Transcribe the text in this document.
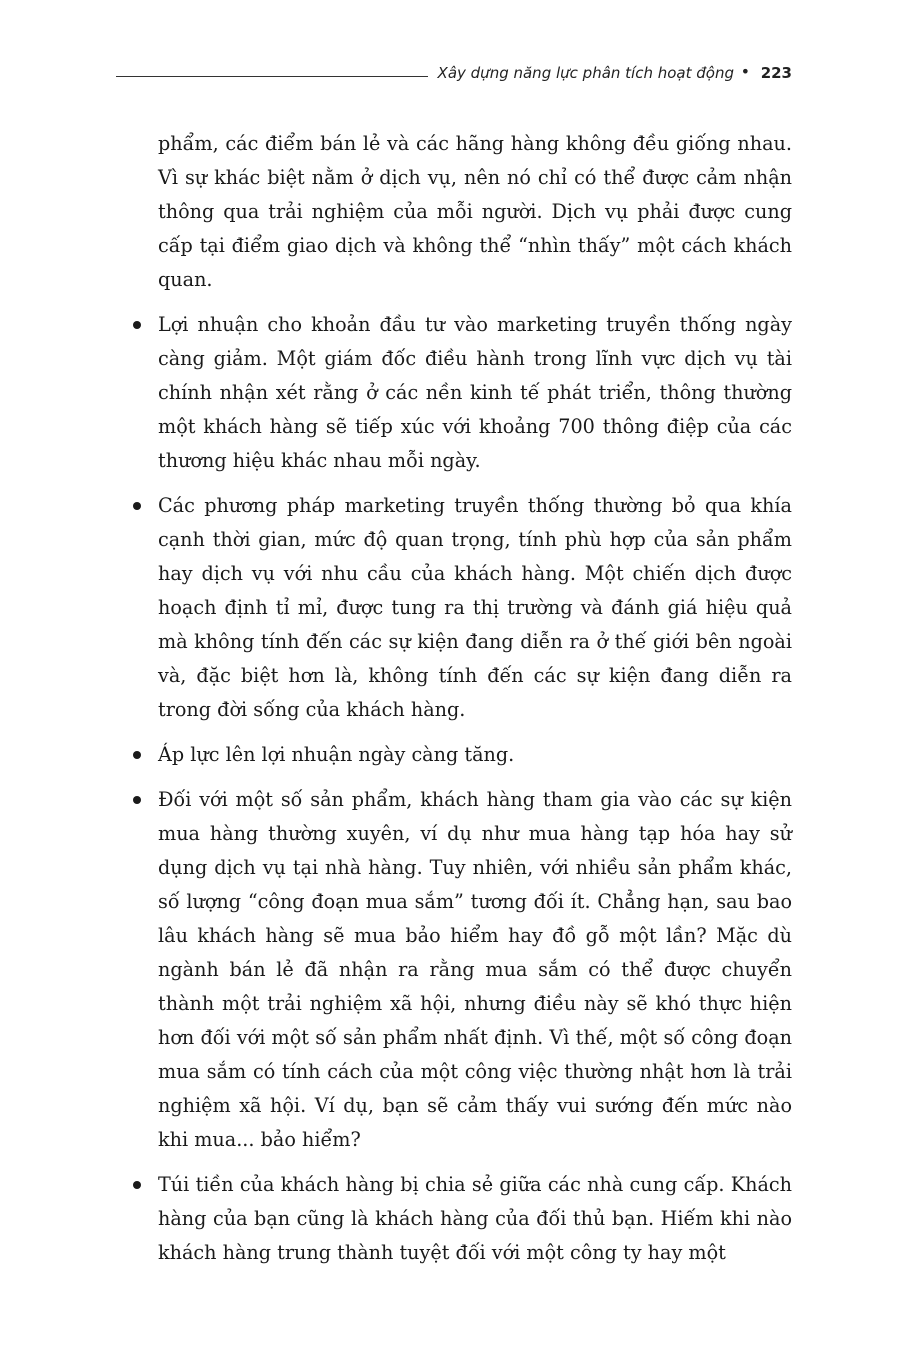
Xây dựng năng lực phân tích hoạt động • 223

phẩm, các điểm bán lẻ và các hãng hàng không đều giống nhau. Vì sự khác biệt nằm ở dịch vụ, nên nó chỉ có thể được cảm nhận thông qua trải nghiệm của mỗi người. Dịch vụ phải được cung cấp tại điểm giao dịch và không thể “nhìn thấy” một cách khách quan.

Lợi nhuận cho khoản đầu tư vào marketing truyền thống ngày càng giảm. Một giám đốc điều hành trong lĩnh vực dịch vụ tài chính nhận xét rằng ở các nền kinh tế phát triển, thông thường một khách hàng sẽ tiếp xúc với khoảng 700 thông điệp của các thương hiệu khác nhau mỗi ngày.
Các phương pháp marketing truyền thống thường bỏ qua khía cạnh thời gian, mức độ quan trọng, tính phù hợp của sản phẩm hay dịch vụ với nhu cầu của khách hàng. Một chiến dịch được hoạch định tỉ mỉ, được tung ra thị trường và đánh giá hiệu quả mà không tính đến các sự kiện đang diễn ra ở thế giới bên ngoài và, đặc biệt hơn là, không tính đến các sự kiện đang diễn ra trong đời sống của khách hàng.
Áp lực lên lợi nhuận ngày càng tăng.
Đối với một số sản phẩm, khách hàng tham gia vào các sự kiện mua hàng thường xuyên, ví dụ như mua hàng tạp hóa hay sử dụng dịch vụ tại nhà hàng. Tuy nhiên, với nhiều sản phẩm khác, số lượng “công đoạn mua sắm” tương đối ít. Chẳng hạn, sau bao lâu khách hàng sẽ mua bảo hiểm hay đồ gỗ một lần? Mặc dù ngành bán lẻ đã nhận ra rằng mua sắm có thể được chuyển thành một trải nghiệm xã hội, nhưng điều này sẽ khó thực hiện hơn đối với một số sản phẩm nhất định. Vì thế, một số công đoạn mua sắm có tính cách của một công việc thường nhật hơn là trải nghiệm xã hội. Ví dụ, bạn sẽ cảm thấy vui sướng đến mức nào khi mua... bảo hiểm?
Túi tiền của khách hàng bị chia sẻ giữa các nhà cung cấp. Khách hàng của bạn cũng là khách hàng của đối thủ bạn. Hiếm khi nào khách hàng trung thành tuyệt đối với một công ty hay một
